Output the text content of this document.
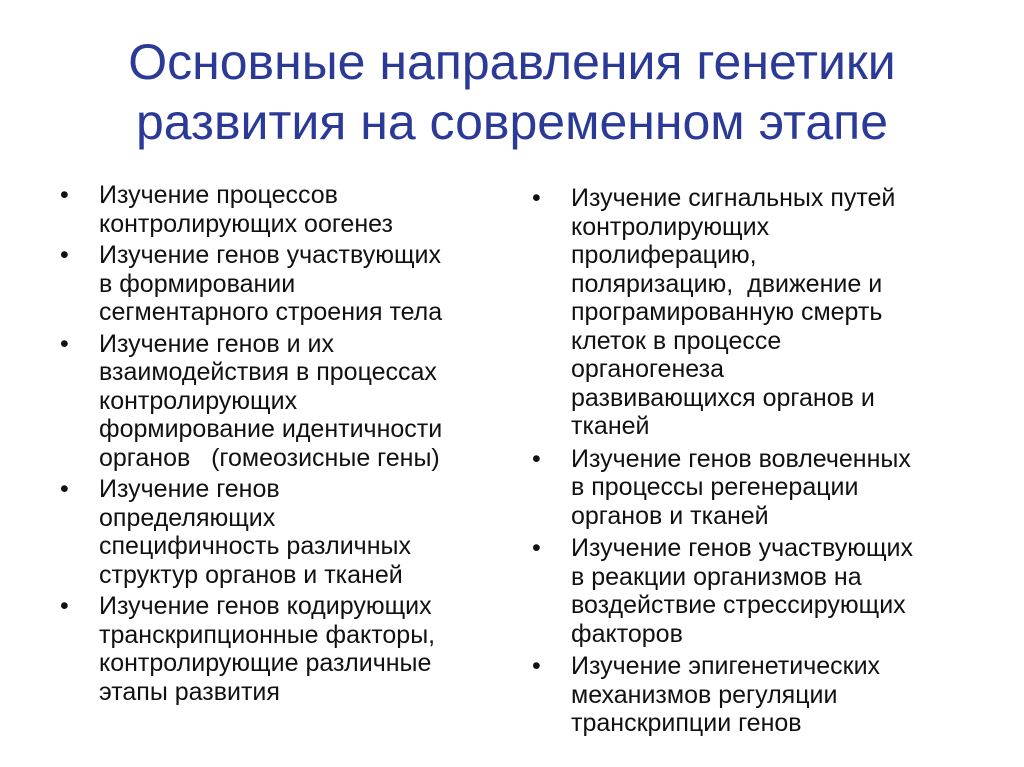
Основные направления генетики
развития на современном этапе
•	Изучение процессов
контролирующих оогенез
•	Изучение генов участвующих
в формировании
сегментарного строения тела
•	Изучение генов и их
взаимодействия в процессах
контролирующих
формирование идентичности
органов   (гомеозисные гены)
•	Изучение генов
определяющих
специфичность различных
структур органов и тканей
•	Изучение генов кодирующих
транскрипционные факторы,
контролирующие различные
этапы развития
•	Изучение сигнальных путей
контролирующих
пролиферацию,
поляризацию,  движение и
програмированную смерть
клеток в процессе
органогенеза
развивающихся органов и
тканей
•	Изучение генов вовлеченных
в процессы регенерации
органов и тканей
•	Изучение генов участвующих
в реакции организмов на
воздействие стрессирующих
факторов
•	Изучение эпигенетических
механизмов регуляции
транскрипции генов
